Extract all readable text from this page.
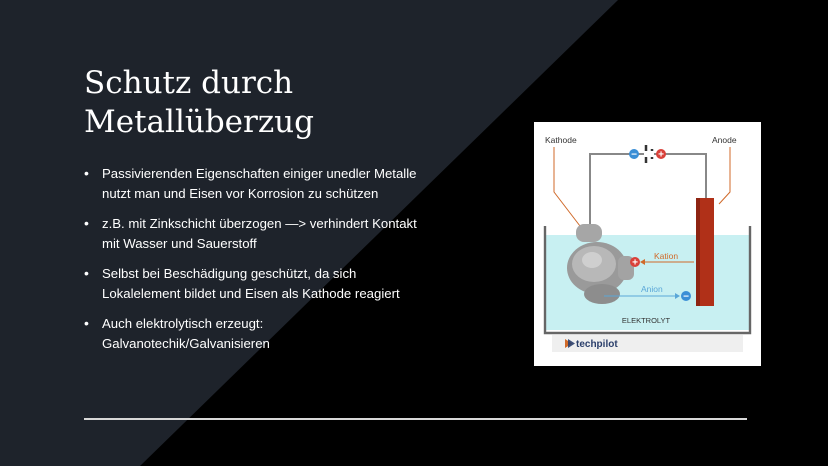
Schutz durch
Metallüberzug
• Passivierenden Eigenschaften einiger unedler Metalle nutzt man und Eisen vor Korrosion zu schützen
• z.B. mit Zinkschicht überzogen —> verhindert Kontakt mit Wasser und Sauerstoff
• Selbst bei Beschädigung geschützt, da sich Lokalelement bildet und Eisen als Kathode reagiert
• Auch elektrolytisch erzeugt: Galvanotechik/Galvanisieren
− +
Kathode	Anode
Kation
+
Anion
−
ELEKTROLYT
techpilot
